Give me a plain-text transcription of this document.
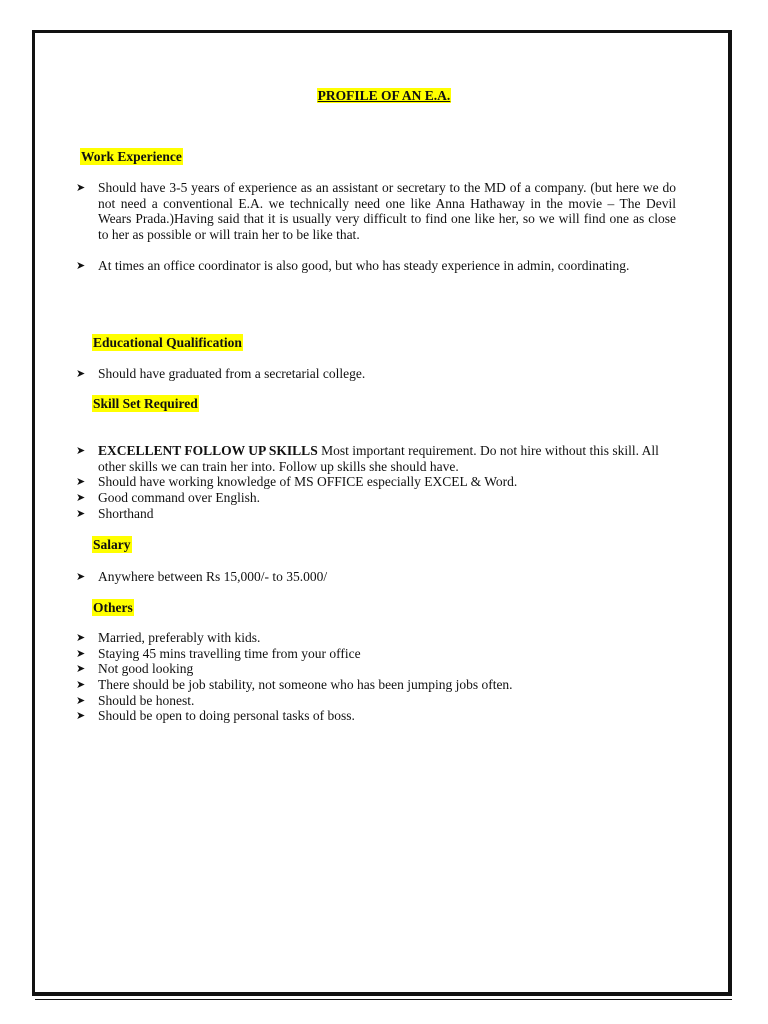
PROFILE OF AN E.A.
Work Experience
➤ Should have 3-5 years of experience as an assistant or secretary to the MD of a company. (but here we do not need a conventional E.A. we technically need one like Anna Hathaway in the movie – The Devil Wears Prada.)Having said that it is usually very difficult to find one like her, so we will find one as close to her as possible or will train her to be like that.
➤ At times an office coordinator is also good, but who has steady experience in admin, coordinating.
Educational Qualification
➤ Should have graduated from a secretarial college.
Skill Set Required
➤ EXCELLENT FOLLOW UP SKILLS Most important requirement. Do not hire without this skill. All other skills we can train her into. Follow up skills she should have.
➤ Should have working knowledge of MS OFFICE especially EXCEL & Word.
➤ Good command over English.
➤ Shorthand
Salary
➤ Anywhere between Rs 15,000/- to 35.000/
Others
➤ Married, preferably with kids.
➤ Staying 45 mins travelling time from your office
➤ Not good looking
➤ There should be job stability, not someone who has been jumping jobs often.
➤ Should be honest.
➤ Should be open to doing personal tasks of boss.
